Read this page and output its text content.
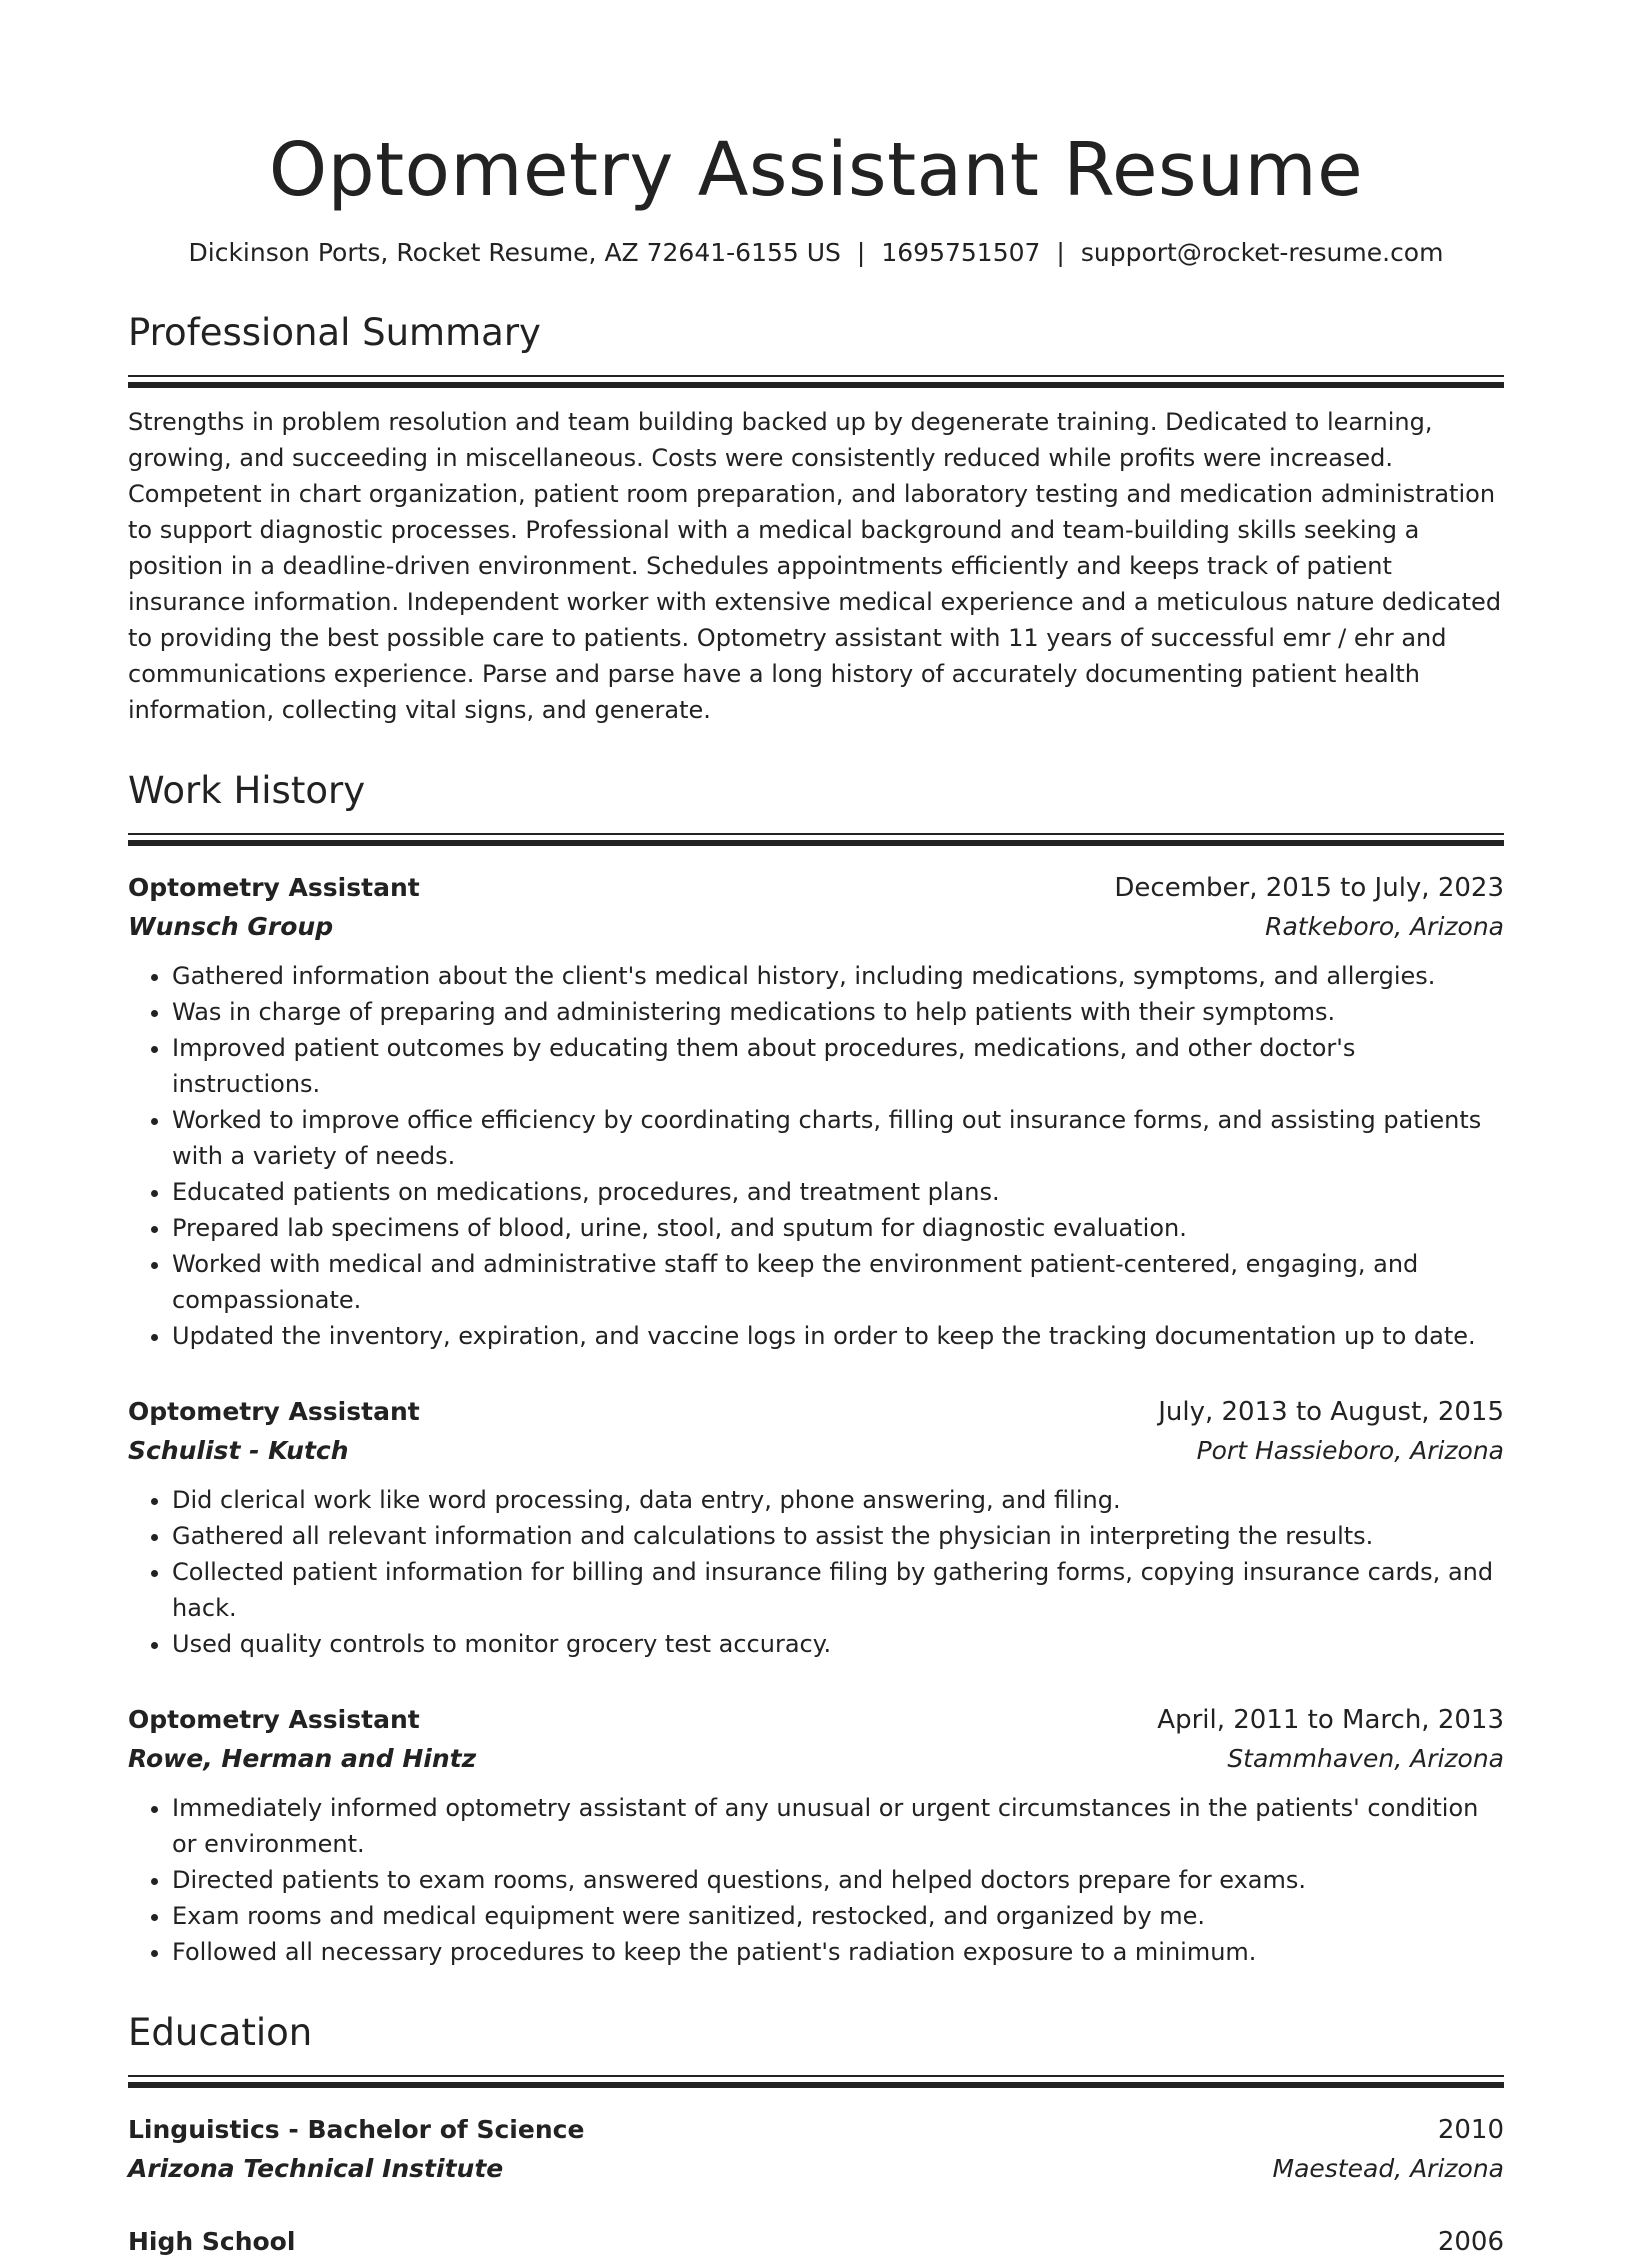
Optometry Assistant Resume
Dickinson Ports, Rocket Resume, AZ 72641-6155 US | 1695751507 | support@rocket-resume.com
Professional Summary
Strengths in problem resolution and team building backed up by degenerate training. Dedicated to learning, growing, and succeeding in miscellaneous. Costs were consistently reduced while profits were increased. Competent in chart organization, patient room preparation, and laboratory testing and medication administration to support diagnostic processes. Professional with a medical background and team-building skills seeking a position in a deadline-driven environment. Schedules appointments efficiently and keeps track of patient insurance information. Independent worker with extensive medical experience and a meticulous nature dedicated to providing the best possible care to patients. Optometry assistant with 11 years of successful emr / ehr and communications experience. Parse and parse have a long history of accurately documenting patient health information, collecting vital signs, and generate.
Work History
Optometry Assistant	December, 2015 to July, 2023
Wunsch Group	Ratkeboro, Arizona
• Gathered information about the client's medical history, including medications, symptoms, and allergies.
• Was in charge of preparing and administering medications to help patients with their symptoms.
• Improved patient outcomes by educating them about procedures, medications, and other doctor's instructions.
• Worked to improve office efficiency by coordinating charts, filling out insurance forms, and assisting patients with a variety of needs.
• Educated patients on medications, procedures, and treatment plans.
• Prepared lab specimens of blood, urine, stool, and sputum for diagnostic evaluation.
• Worked with medical and administrative staff to keep the environment patient-centered, engaging, and compassionate.
• Updated the inventory, expiration, and vaccine logs in order to keep the tracking documentation up to date.
Optometry Assistant	July, 2013 to August, 2015
Schulist - Kutch	Port Hassieboro, Arizona
• Did clerical work like word processing, data entry, phone answering, and filing.
• Gathered all relevant information and calculations to assist the physician in interpreting the results.
• Collected patient information for billing and insurance filing by gathering forms, copying insurance cards, and hack.
• Used quality controls to monitor grocery test accuracy.
Optometry Assistant	April, 2011 to March, 2013
Rowe, Herman and Hintz	Stammhaven, Arizona
• Immediately informed optometry assistant of any unusual or urgent circumstances in the patients' condition or environment.
• Directed patients to exam rooms, answered questions, and helped doctors prepare for exams.
• Exam rooms and medical equipment were sanitized, restocked, and organized by me.
• Followed all necessary procedures to keep the patient's radiation exposure to a minimum.
Education
Linguistics - Bachelor of Science	2010
Arizona Technical Institute	Maestead, Arizona
High School	2006
